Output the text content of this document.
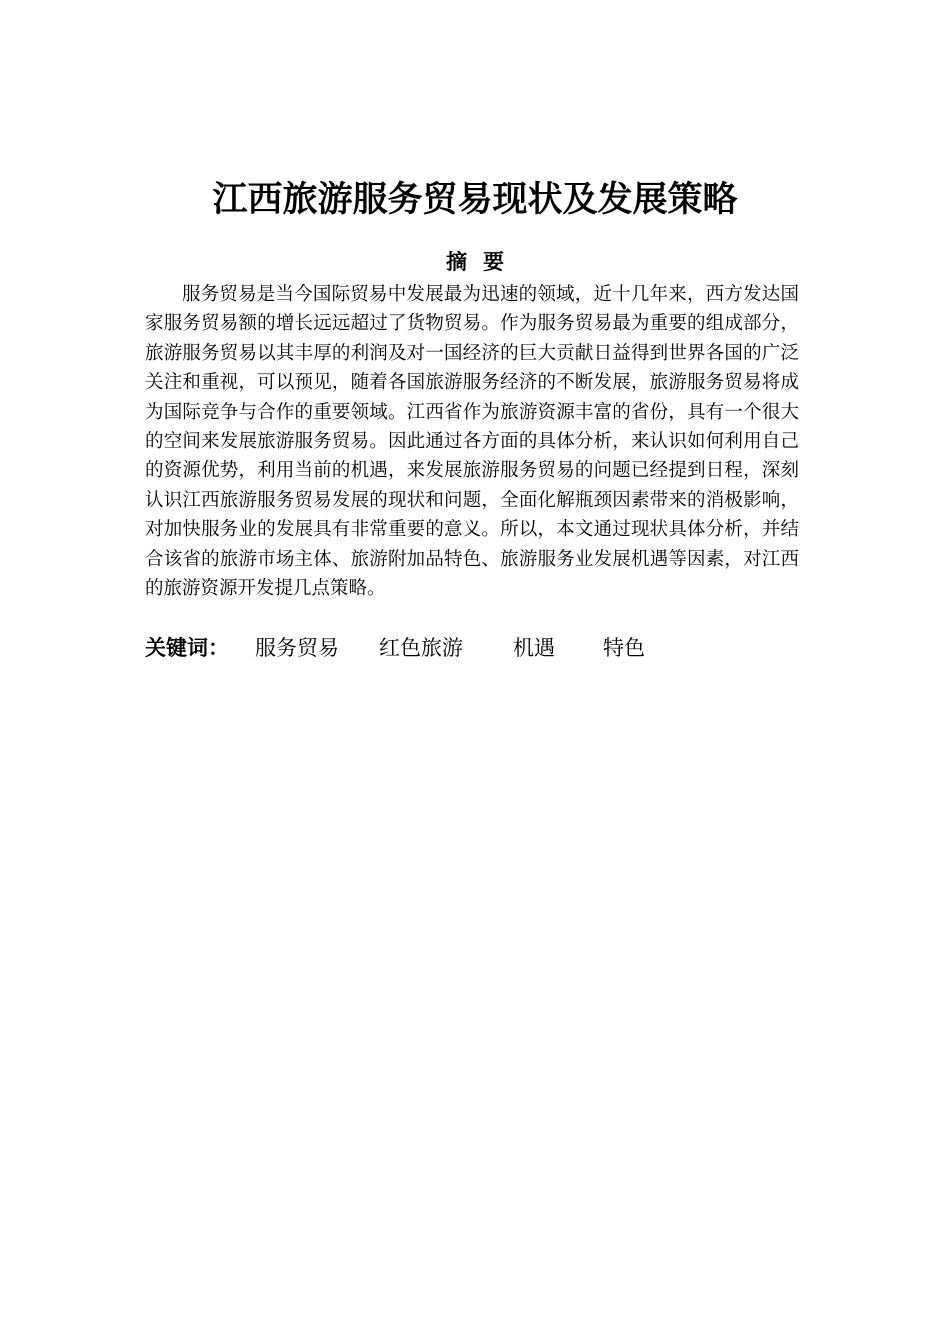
江西旅游服务贸易现状及发展策略
摘要

服务贸易是当今国际贸易中发展最为迅速的领域，近十几年来，西方发达国家服务贸易额的增长远远超过了货物贸易。作为服务贸易最为重要的组成部分，旅游服务贸易以其丰厚的利润及对一国经济的巨大贡献日益得到世界各国的广泛关注和重视，可以预见，随着各国旅游服务经济的不断发展，旅游服务贸易将成为国际竞争与合作的重要领域。江西省作为旅游资源丰富的省份，具有一个很大的空间来发展旅游服务贸易。因此通过各方面的具体分析，来认识如何利用自己的资源优势，利用当前的机遇，来发展旅游服务贸易的问题已经提到日程，深刻认识江西旅游服务贸易发展的现状和问题，全面化解瓶颈因素带来的消极影响，对加快服务业的发展具有非常重要的意义。所以，本文通过现状具体分析，并结合该省的旅游市场主体、旅游附加品特色、旅游服务业发展机遇等因素，对江西的旅游资源开发提几点策略。

关键词： 服务贸易 红色旅游 机遇 特色
